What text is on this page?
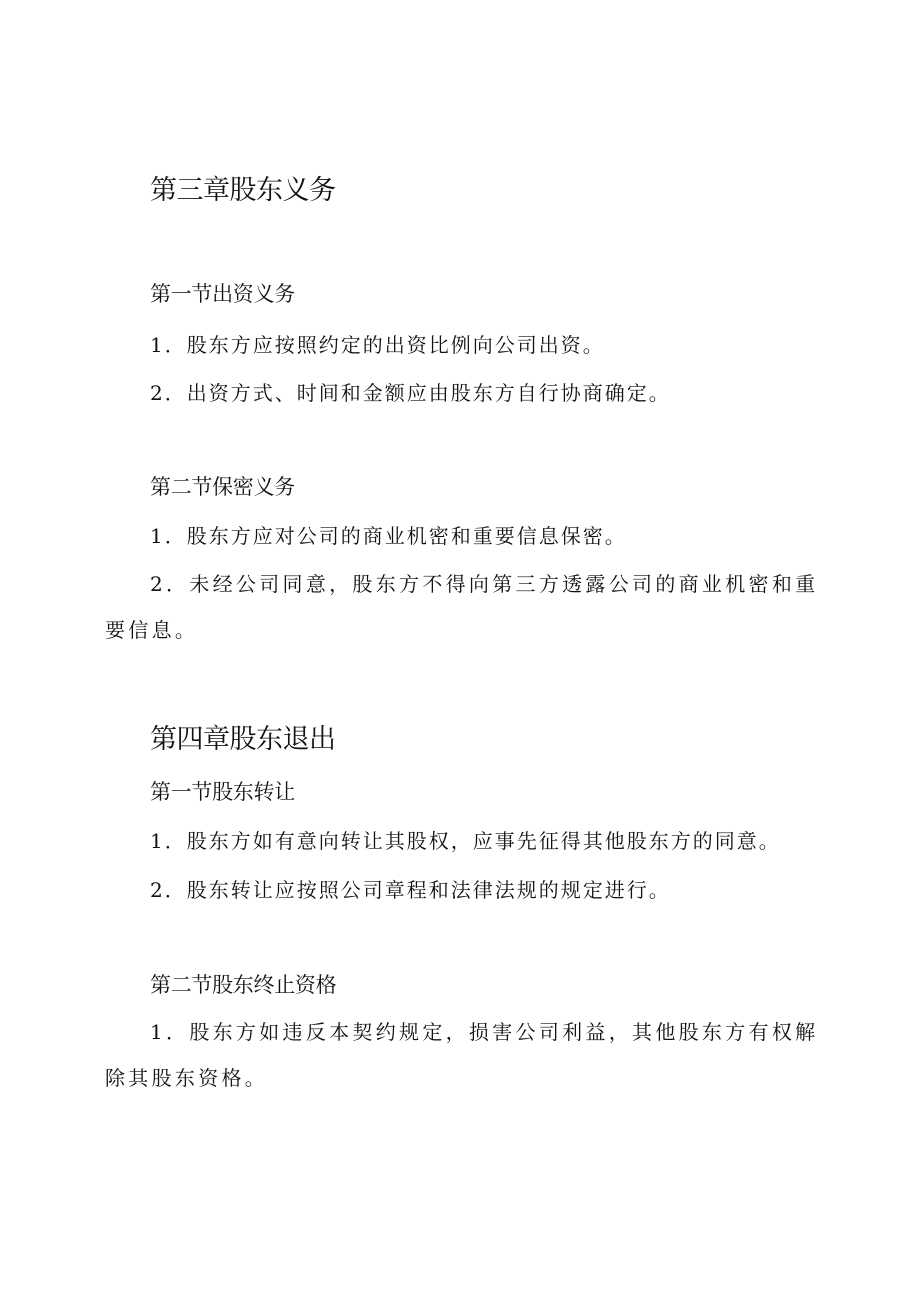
第三章股东义务
第一节出资义务
1．股东方应按照约定的出资比例向公司出资。
2．出资方式、时间和金额应由股东方自行协商确定。
第二节保密义务
1．股东方应对公司的商业机密和重要信息保密。
2．未经公司同意，股东方不得向第三方透露公司的商业机密和重要信息。
第四章股东退出
第一节股东转让
1．股东方如有意向转让其股权，应事先征得其他股东方的同意。
2．股东转让应按照公司章程和法律法规的规定进行。
第二节股东终止资格
1．股东方如违反本契约规定，损害公司利益，其他股东方有权解除其股东资格。
